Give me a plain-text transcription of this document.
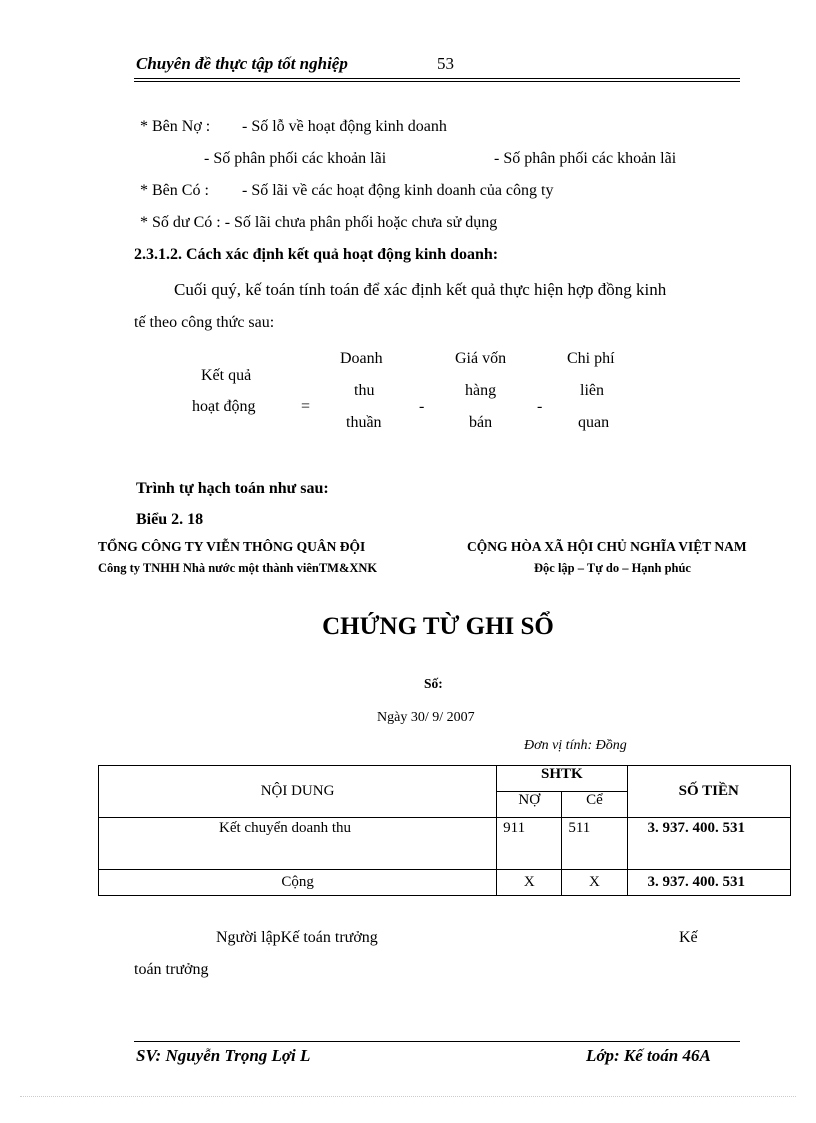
Chuyên đề thực tập tốt nghiệp	53
* Bên Nợ : - Số lỗ về hoạt động kinh doanh
- Số phân phối các khoản lãi	- Số phân phối các khoản lãi
* Bên Có : - Số lãi về các hoạt động kinh doanh của công ty
* Số dư Có : - Số lãi chưa phân phối hoặc chưa sử dụng
2.3.1.2. Cách xác định kết quả hoạt động kinh doanh:
Cuối quý, kế toán tính toán để xác định kết quả thực hiện hợp đồng kinh
tế theo công thức sau:
Kết quả
hoạt động	=
Doanh
thu
thuần
-
Giá vốn
hàng
bán
-
Chi phí
liên
quan
Trình tự hạch toán như sau:
Biểu 2. 18
TỔNG CÔNG TY VIỄN THÔNG QUÂN ĐỘI
Công ty TNHH Nhà nước một thành viênTM&XNK
CỘNG HÒA XÃ HỘI CHỦ NGHĨA VIỆT NAM
Độc lập – Tự do – Hạnh phúc
CHỨNG TỪ GHI SỔ
Số:
Ngày 30/ 9/ 2007
Đơn vị tính: Đồng
NỘI DUNG	SHTK		SỐ TIỀN
	NỢ	Cể	
Kết chuyển doanh thu	911	511	3. 937. 400. 531
Cộng	X	X	3. 937. 400. 531
Người lậpKế toán trưởng	Kế
toán trưởng
SV: Nguyễn Trọng Lợi L	Lớp: Kế toán 46A
